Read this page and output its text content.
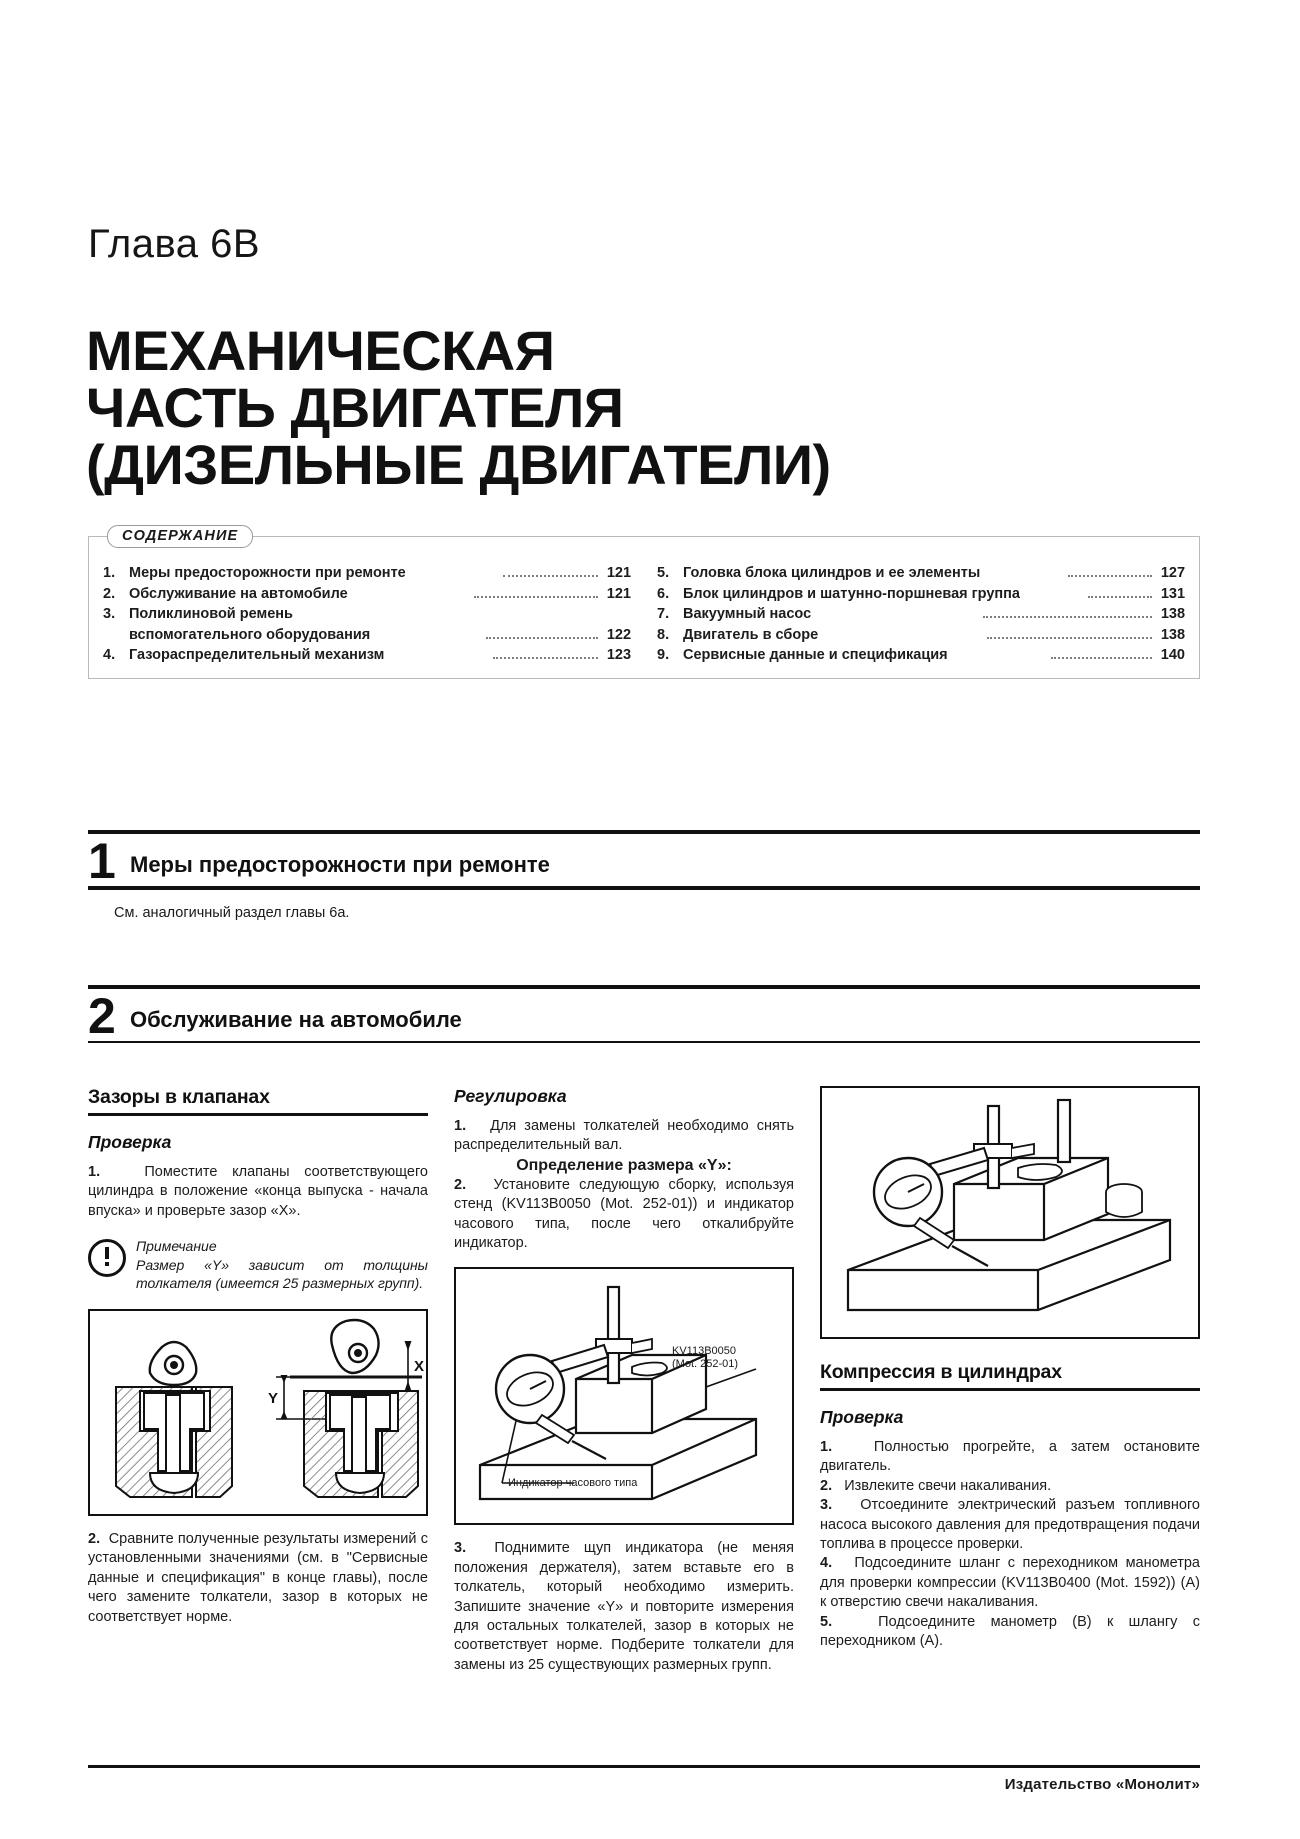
Глава 6B
МЕХАНИЧЕСКАЯ
ЧАСТЬ ДВИГАТЕЛЯ
(ДИЗЕЛЬНЫЕ ДВИГАТЕЛИ)
СОДЕРЖАНИЕ
1. Меры предосторожности при ремонте	121
2. Обслуживание на автомобиле	121
3. Поликлиновой ремень
вспомогательного оборудования	122
4. Газораспределительный механизм	123
5. Головка блока цилиндров и ее элементы	127
6. Блок цилиндров и шатунно-поршневая группа	131
7. Вакуумный насос	138
8. Двигатель в сборе	138
9. Сервисные данные и спецификация	140
1 Меры предосторожности при ремонте
См. аналогичный раздел главы 6а.
2 Обслуживание на автомобиле
Зазоры в клапанах
Проверка

1.	Поместите клапаны соответствующего цилиндра в положение «конца выпуска - начала впуска» и проверьте зазор «X».

Примечание
Размер «Y» зависит от толщины толкателя (имеется 25 размерных групп).
Y
X

2. Сравните полученные результаты измерений с установленными значениями (см. в "Сервисные данные и спецификация" в конце главы), после чего замените толкатели, зазор в которых не соответствует норме.

Регулировка

1. Для замены толкателей необходимо снять распределительный вал.

Определение размера «Y»:

2. Установите следующую сборку, используя стенд (KV113B0050 (Mot. 252-01)) и индикатор часового типа, после чего откалибруйте индикатор.

KV113B0050
(Mot. 252-01)
Индикатор часового типа

3. Поднимите щуп индикатора (не меняя положения держателя), затем вставьте его в толкатель, который необходимо измерить. Запишите значение «Y» и повторите измерения для остальных толкателей, зазор в которых не соответствует норме. Подберите толкатели для замены из 25 существующих размерных групп.

Компрессия в цилиндрах
Проверка

1.	Полностью прогрейте, а затем остановите двигатель.

2. Извлеките свечи накаливания.

3. Отсоедините электрический разъем топливного насоса высокого давления для предотвращения подачи топлива в процессе проверки.

4. Подсоедините шланг с переходником манометра для проверки компрессии (KV113B0400 (Mot. 1592)) (A) к отверстию свечи накаливания.

5.	Подсоедините манометр (B) к шлангу с переходником (A).

Издательство «Монолит»
